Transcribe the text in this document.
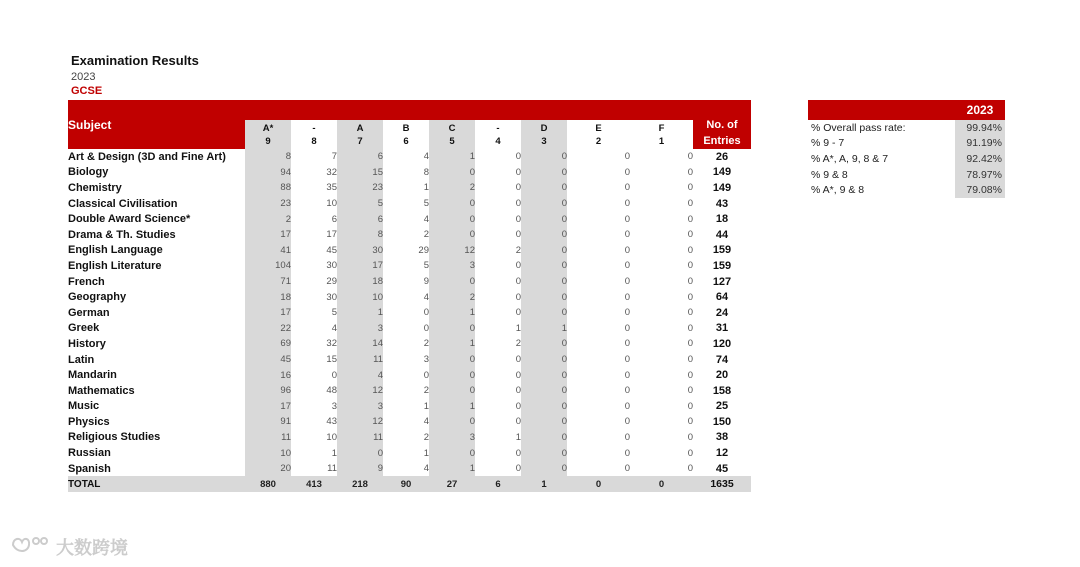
Examination Results
2023
GCSE
Subject										No. of
Entries

	A*	-	A	B	C	-	D	E	F	
	9	8	7	6	5	4	3	2	1	
Art & Design (3D and Fine Art)	8	7	6	4	1	0	0	0	0	26
Biology	94	32	15	8	0	0	0	0	0	149
Chemistry	88	35	23	1	2	0	0	0	0	149
Classical Civilisation	23	10	5	5	0	0	0	0	0	43
Double Award Science*	2	6	6	4	0	0	0	0	0	18
Drama & Th. Studies	17	17	8	2	0	0	0	0	0	44
English Language	41	45	30	29	12	2	0	0	0	159
English Literature	104	30	17	5	3	0	0	0	0	159
French	71	29	18	9	0	0	0	0	0	127
Geography	18	30	10	4	2	0	0	0	0	64
German	17	5	1	0	1	0	0	0	0	24
Greek	22	4	3	0	0	1	1	0	0	31
History	69	32	14	2	1	2	0	0	0	120
Latin	45	15	11	3	0	0	0	0	0	74
Mandarin	16	0	4	0	0	0	0	0	0	20
Mathematics	96	48	12	2	0	0	0	0	0	158
Music	17	3	3	1	1	0	0	0	0	25
Physics	91	43	12	4	0	0	0	0	0	150
Religious Studies	11	10	11	2	3	1	0	0	0	38
Russian	10	1	0	1	0	0	0	0	0	12
Spanish	20	11	9	4	1	0	0	0	0	45
TOTAL	880	413	218	90	27	6	1	0	0	1635
	2023
% Overall pass rate:	99.94%
% 9 - 7	91.19%
% A*, A, 9, 8 & 7	92.42%
% 9 & 8	78.97%
% A*, 9 & 8	79.08%
大数跨境
